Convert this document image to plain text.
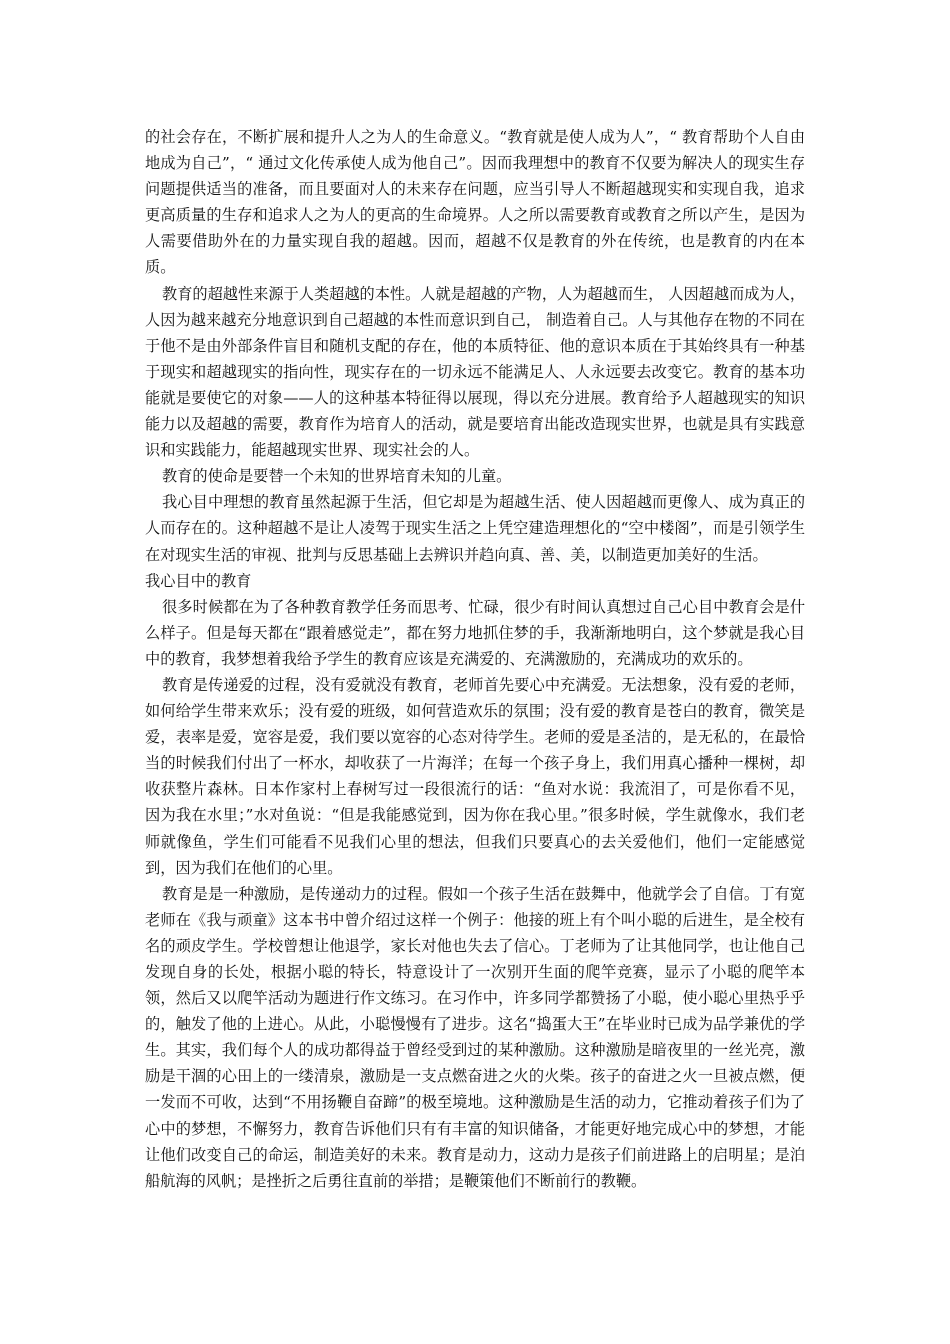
的社会存在，不断扩展和提升人之为人的生命意义。“教育就是使人成为人”，“ 教育帮助个人自由地成为自己”，“ 通过文化传承使人成为他自己”。因而我理想中的教育不仅要为解决人的现实生存问题提供适当的准备，而且要面对人的未来存在问题，应当引导人不断超越现实和实现自我，追求更高质量的生存和追求人之为人的更高的生命境界。人之所以需要教育或教育之所以产生，是因为人需要借助外在的力量实现自我的超越。因而，超越不仅是教育的外在传统，也是教育的内在本质。

教育的超越性来源于人类超越的本性。人就是超越的产物，人为超越而生， 人因超越而成为人，人因为越来越充分地意识到自己超越的本性而意识到自己， 制造着自己。人与其他存在物的不同在于他不是由外部条件盲目和随机支配的存在，他的本质特征、他的意识本质在于其始终具有一种基于现实和超越现实的指向性，现实存在的一切永远不能满足人、人永远要去改变它。教育的基本功能就是要使它的对象——人的这种基本特征得以展现，得以充分进展。教育给予人超越现实的知识能力以及超越的需要，教育作为培育人的活动，就是要培育出能改造现实世界，也就是具有实践意识和实践能力，能超越现实世界、现实社会的人。

教育的使命是要替一个未知的世界培育未知的儿童。

我心目中理想的教育虽然起源于生活，但它却是为超越生活、使人因超越而更像人、成为真正的人而存在的。这种超越不是让人凌驾于现实生活之上凭空建造理想化的“空中楼阁”，而是引领学生在对现实生活的审视、批判与反思基础上去辨识并趋向真、善、美，以制造更加美好的生活。

我心目中的教育

很多时候都在为了各种教育教学任务而思考、忙碌，很少有时间认真想过自己心目中教育会是什么样子。但是每天都在“跟着感觉走”，都在努力地抓住梦的手，我渐渐地明白，这个梦就是我心目中的教育，我梦想着我给予学生的教育应该是充满爱的、充满激励的，充满成功的欢乐的。

教育是传递爱的过程，没有爱就没有教育，老师首先要心中充满爱。无法想象，没有爱的老师，如何给学生带来欢乐；没有爱的班级，如何营造欢乐的氛围；没有爱的教育是苍白的教育，微笑是爱，表率是爱，宽容是爱，我们要以宽容的心态对待学生。老师的爱是圣洁的，是无私的，在最恰当的时候我们付出了一杯水，却收获了一片海洋；在每一个孩子身上，我们用真心播种一棵树，却收获整片森林。日本作家村上春树写过一段很流行的话：“鱼对水说：我流泪了，可是你看不见，因为我在水里；”水对鱼说：“但是我能感觉到，因为你在我心里。”很多时候，学生就像水，我们老师就像鱼，学生们可能看不见我们心里的想法，但我们只要真心的去关爱他们，他们一定能感觉到，因为我们在他们的心里。

教育是是一种激励，是传递动力的过程。假如一个孩子生活在鼓舞中，他就学会了自信。丁有宽老师在《我与顽童》这本书中曾介绍过这样一个例子：他接的班上有个叫小聪的后进生，是全校有名的顽皮学生。学校曾想让他退学，家长对他也失去了信心。丁老师为了让其他同学，也让他自己发现自身的长处，根据小聪的特长，特意设计了一次别开生面的爬竿竞赛，显示了小聪的爬竿本领，然后又以爬竿活动为题进行作文练习。在习作中，许多同学都赞扬了小聪，使小聪心里热乎乎的，触发了他的上进心。从此，小聪慢慢有了进步。这名“捣蛋大王”在毕业时已成为品学兼优的学生。其实，我们每个人的成功都得益于曾经受到过的某种激励。这种激励是暗夜里的一丝光亮，激励是干涸的心田上的一缕清泉，激励是一支点燃奋进之火的火柴。孩子的奋进之火一旦被点燃，便一发而不可收，达到“不用扬鞭自奋蹄”的极至境地。这种激励是生活的动力，它推动着孩子们为了心中的梦想，不懈努力，教育告诉他们只有有丰富的知识储备，才能更好地完成心中的梦想，才能让他们改变自己的命运，制造美好的未来。教育是动力，这动力是孩子们前进路上的启明星；是泊船航海的风帆；是挫折之后勇往直前的举措；是鞭策他们不断前行的教鞭。
